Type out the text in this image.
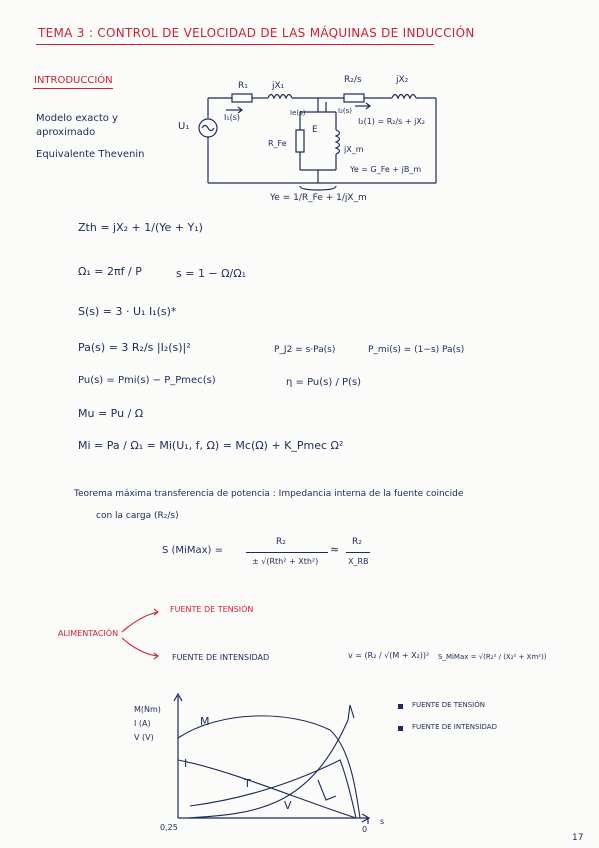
TEMA 3 : CONTROL DE VELOCIDAD DE LAS MÁQUINAS DE INDUCCIÓN
INTRODUCCIÓN
Modelo exacto y aproximado
Equivalente Thevenin
R₁	jX₁
R₂/s	jX₂
U₁
I₁(s)	Ie(s)	I₂(s)
I₂(1) = R₂/s + jX₂
E
R_Fe
jX_m
Ye = G_Fe + jB_m
Ye = 1/R_Fe + 1/jX_m
Zth = jX₂ + 1/(Ye + Y₁)
Ω₁ = 2πf / P	s = 1 − Ω/Ω₁
S(s) = 3 · U₁ I₁(s)*
Pa(s) = 3 R₂/s |I₂(s)|²	P_J2 = s·Pa(s)	P_mi(s) = (1−s) Pa(s)
Pu(s) = Pmi(s) − P_Pmec(s)	η = Pu(s) / P(s)
Mu = Pu / Ω
Mi = Pa / Ω₁ = Mi(U₁, f, Ω) = Mc(Ω) + K_Pmec Ω²
Teorema máxima transferencia de potencia : Impedancia interna de la fuente coincide
con la carga (R₂/s)
S (MiMax) =
R₂
± √(Rth² + Xth²)
≈
R₂
X_RB
ALIMENTACIÓN
FUENTE DE TENSIÓN
FUENTE DE INTENSIDAD	v = (R₂ / √(M + X₂))² S_MiMax = √(R₂² / (X₂² + Xm²))
M(Nm)
I (A)
V (V)
0,25	0
s
M
I
T
V
FUENTE DE TENSIÓN
FUENTE DE INTENSIDAD
17
